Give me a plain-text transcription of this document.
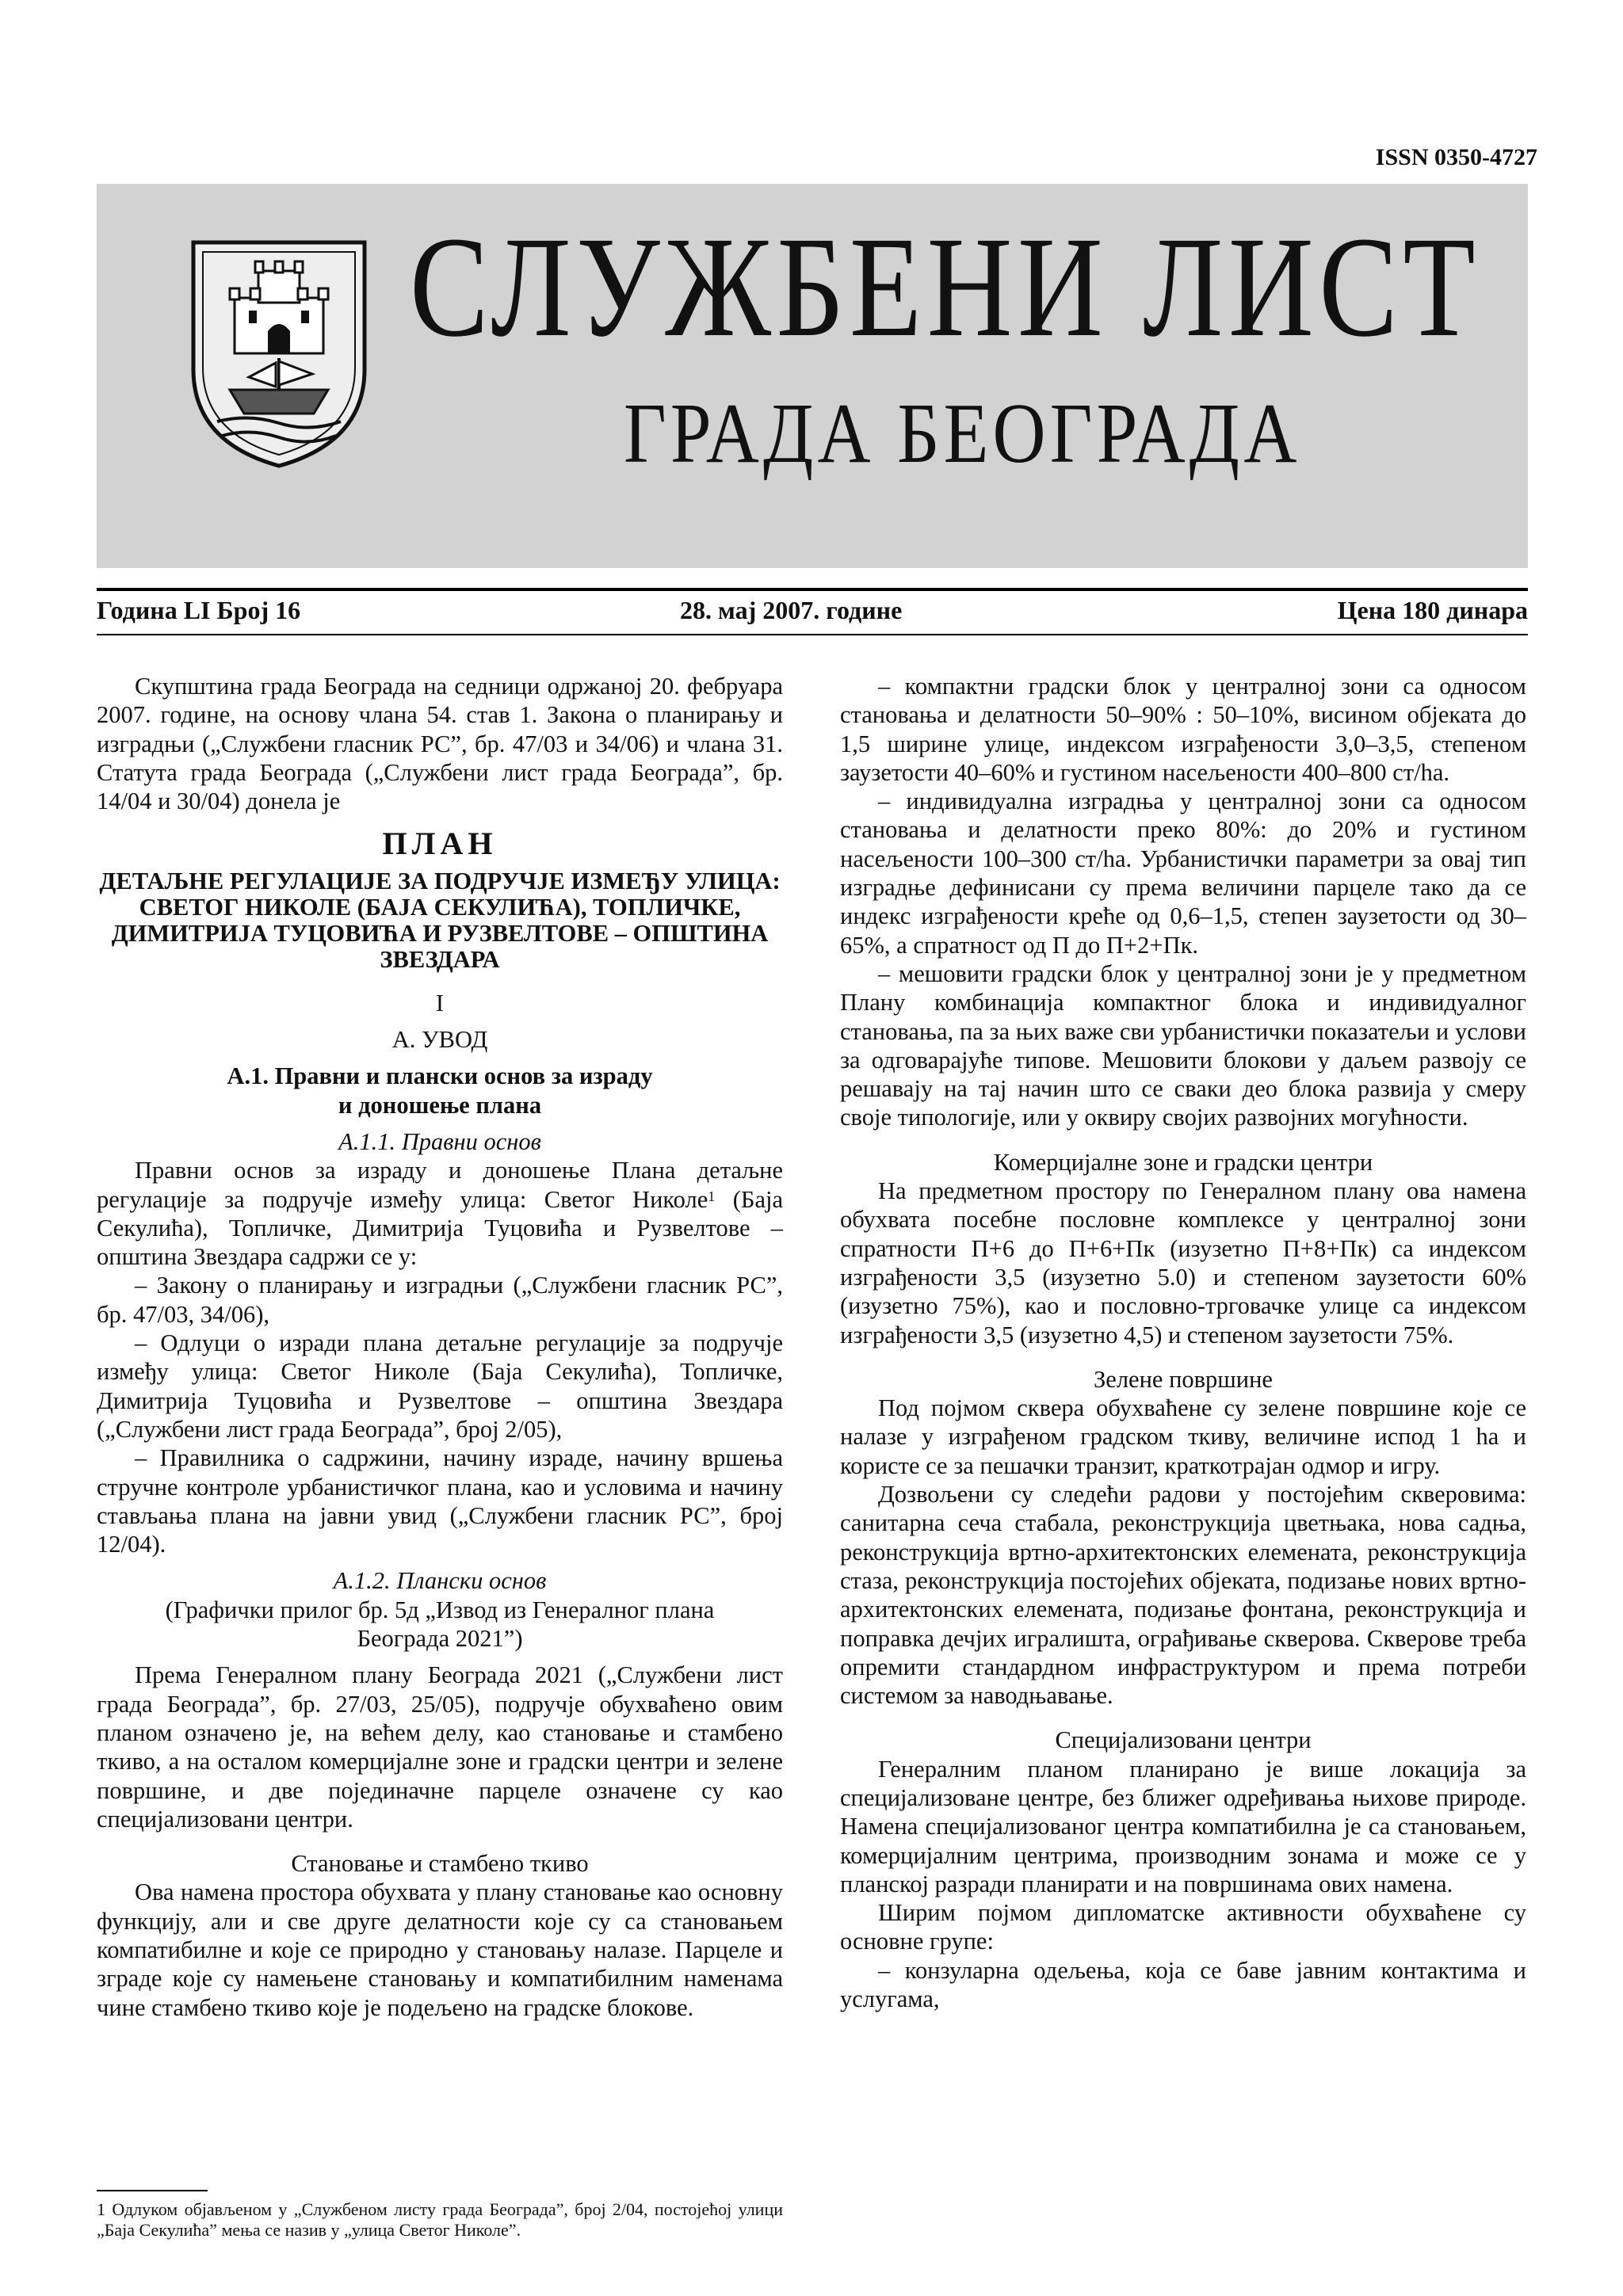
ISSN 0350-4727
СЛУЖБЕНИ ЛИСТ
ГРАДА БЕОГРАДА
Година LI Број 16	28. мај 2007. године	Цена 180 динара

Скупштина града Београда на седници одржаној 20. фебруара 2007. године, на основу члана 54. став 1. Закона о планирању и изградњи („Службени гласник РС”, бр. 47/03 и 34/06) и члана 31. Статута града Београда („Службени лист града Београда”, бр. 14/04 и 30/04) донела је

ПЛАН

ДЕТАЉНЕ РЕГУЛАЦИЈЕ ЗА ПОДРУЧЈЕ ИЗМЕЂУ УЛИЦА: СВЕТОГ НИКОЛЕ (БАЈА СЕКУЛИЋА), ТОПЛИЧКЕ, ДИМИТРИЈА ТУЦОВИЋА И РУЗВЕЛТОВЕ – ОПШТИНА ЗВЕЗДАРА

I

А. УВОД

А.1. Правни и плански основ за израду

и доношење плана

А.1.1. Правни основ

Правни основ за израду и доношење Плана детаљне регулације за подручје између улица: Светог Николе$^1$ (Баја Секулића), Топличке, Димитрија Туцовића и Рузвелтове – општина Звездара садржи се у:

– Закону о планирању и изградњи („Службени гласник РС”, бр. 47/03, 34/06),

– Одлуци о изради плана детаљне регулације за подручје између улица: Светог Николе (Баја Секулића), Топличке, Димитрија Туцовића и Рузвелтове – општина Звездара („Службени лист града Београда”, број 2/05),

– Правилника о садржини, начину израде, начину вршења стручне контроле урбанистичког плана, као и условима и начину стављања плана на јавни увид („Службени гласник РС”, број 12/04).

А.1.2. Плански основ

(Графички прилог бр. 5д „Извод из Генералног плана

Београда 2021”)

Према Генералном плану Београда 2021 („Службени лист града Београда”, бр. 27/03, 25/05), подручје обухваћено овим планом означено је, на већем делу, као становање и стамбено ткиво, а на осталом комерцијалне зоне и градски центри и зелене површине, и две појединачне парцеле означене су као специјализовани центри.

Становање и стамбено ткиво

Ова намена простора обухвата у плану становање као основну функцију, али и све друге делатности које су са становањем компатибилне и које се природно у становању налазе. Парцеле и зграде које су намењене становању и компатибилним наменама чине стамбено ткиво које је подељено на градске блокове.

1 Одлуком објављеном у „Службеном листу града Београда”, број 2/04, постојећој улици „Баја Секулића” мења се назив у „улица Светог Николе”.

– компактни градски блок у централној зони са односом становања и делатности 50–90% : 50–10%, висином објеката до 1,5 ширине улице, индексом изграђености 3,0–3,5, степеном заузетости 40–60% и густином насељености 400–800 ст/ha.

– индивидуална изградња у централној зони са односом становања и делатности преко 80%: до 20% и густином насељености 100–300 ст/ha. Урбанистички параметри за овај тип изградње дефинисани су према величини парцеле тако да се индекс изграђености креће од 0,6–1,5, степен заузетости од 30–65%, а спратност од П до П+2+Пк.

– мешовити градски блок у централној зони је у предметном Плану комбинација компактног блока и индивидуалног становања, па за њих важе сви урбанистички показатељи и услови за одговарајуће типове. Мешовити блокови у даљем развоју се решавају на тај начин што се сваки део блока развија у смеру своје типологије, или у оквиру својих развојних могућности.

Комерцијалне зоне и градски центри

На предметном простору по Генералном плану ова намена обухвата посебне пословне комплексе у централној зони спратности П+6 до П+6+Пк (изузетно П+8+Пк) са индексом изграђености 3,5 (изузетно 5.0) и степеном заузетости 60% (изузетно 75%), као и пословно-трговачке улице са индексом изграђености 3,5 (изузетно 4,5) и степеном заузетости 75%.

Зелене површине

Под појмом сквера обухваћене су зелене површине које се налазе у изграђеном градском ткиву, величине испод 1 ha и користе се за пешачки транзит, краткотрајан одмор и игру.

Дозвољени су следећи радови у постојећим скверовима: санитарна сеча стабала, реконструкција цветњака, нова садња, реконструкција вртно-архитектонских елемената, реконструкција стаза, реконструкција постојећих објеката, подизање нових вртно-архитектонских елемената, подизање фонтана, реконструкција и поправка дечјих игралишта, ограђивање скверова. Скверове треба опремити стандардном инфраструктуром и према потреби системом за наводњавање.

Специјализовани центри

Генералним планом планирано је више локација за специјализоване центре, без ближег одређивања њихове природе. Намена специјализованог центра компатибилна је са становањем, комерцијалним центрима, производним зонама и може се у планској разради планирати и на површинама ових намена.

Ширим појмом дипломатске активности обухваћене су основне групе:

– конзуларна одељења, која се баве јавним контактима и услугама,
